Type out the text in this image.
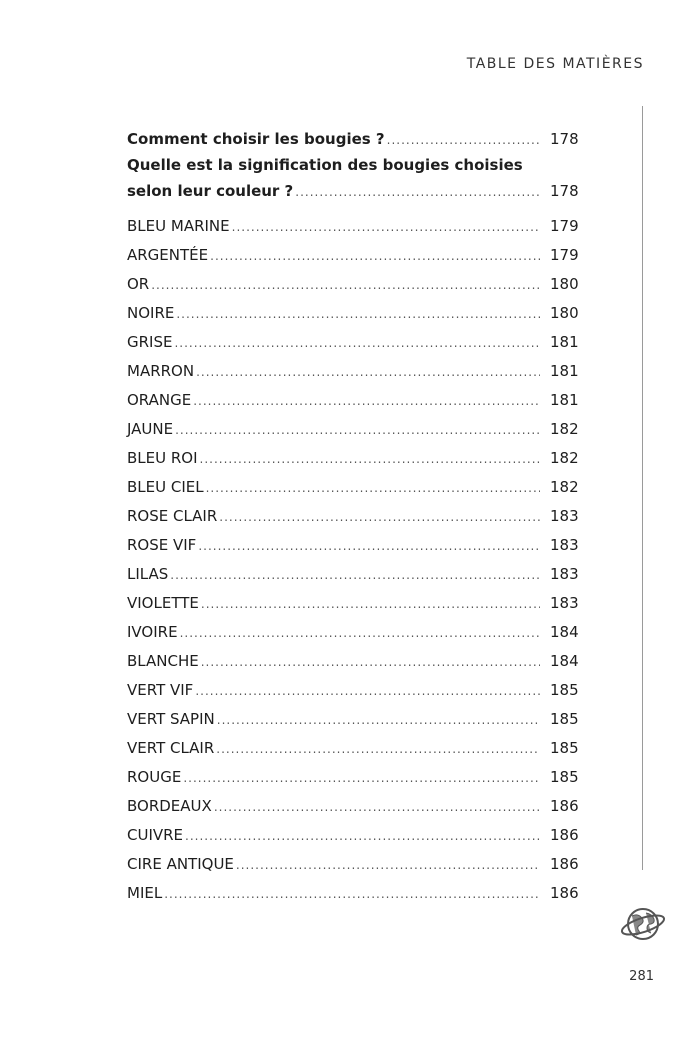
TABLE DES MATIÈRES
Comment choisir les bougies ? .....	178
Quelle est la signification des bougies choisies
selon leur couleur ? .....	178
BLEU MARINE .....	179
ARGENTÉE .....	179
OR .....	180
NOIRE .....	180
GRISE .....	181
MARRON .....	181
ORANGE .....	181
JAUNE .....	182
BLEU ROI .....	182
BLEU CIEL .....	182
ROSE CLAIR .....	183
ROSE VIF .....	183
LILAS .....	183
VIOLETTE .....	183
IVOIRE .....	184
BLANCHE .....	184
VERT VIF .....	185
VERT SAPIN .....	185
VERT CLAIR .....	185
ROUGE .....	185
BORDEAUX .....	186
CUIVRE .....	186
CIRE ANTIQUE .....	186
MIEL .....	186
281
